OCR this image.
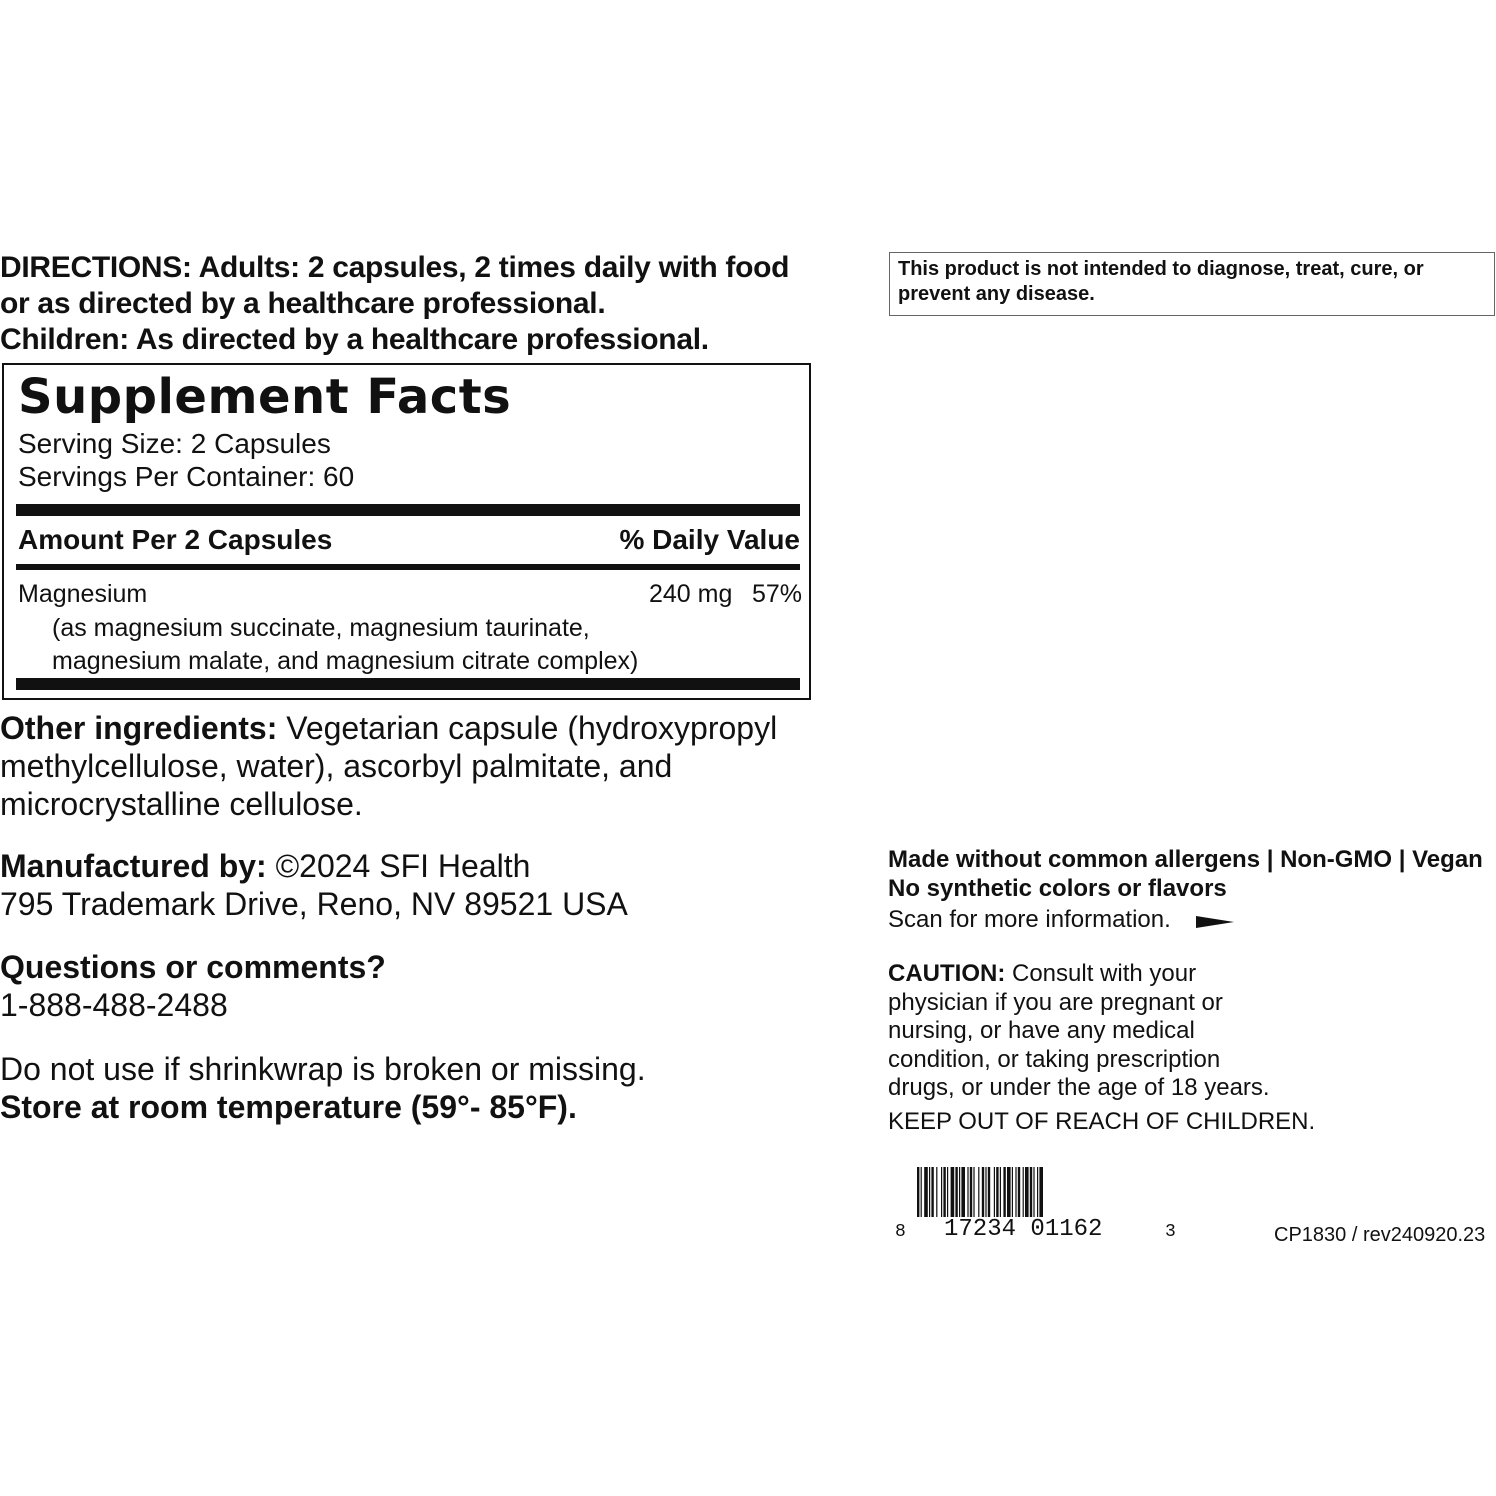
DIRECTIONS: Adults: 2 capsules, 2 times daily with food
or as directed by a healthcare professional.
Children: As directed by a healthcare professional.
Supplement Facts
Serving Size: 2 Capsules
Servings Per Container: 60
Amount Per 2 Capsules	% Daily Value
Magnesium	240 mg 57%
(as magnesium succinate, magnesium taurinate,
magnesium malate, and magnesium citrate complex)
Other ingredients: Vegetarian capsule (hydroxypropyl
methylcellulose, water), ascorbyl palmitate, and
microcrystalline cellulose.
Manufactured by: ©2024 SFI Health
795 Trademark Drive, Reno, NV 89521 USA
Questions or comments?
1-888-488-2488
Do not use if shrinkwrap is broken or missing.
Store at room temperature (59°- 85°F).
This product is not intended to diagnose, treat, cure, or prevent any disease.
Made without common allergens | Non-GMO | Vegan
No synthetic colors or flavors
Scan for more information.
CAUTION: Consult with your
physician if you are pregnant or
nursing, or have any medical
condition, or taking prescription
drugs, or under the age of 18 years.
KEEP OUT OF REACH OF CHILDREN.
8 17234 01162	3	CP1830 / rev240920.23
